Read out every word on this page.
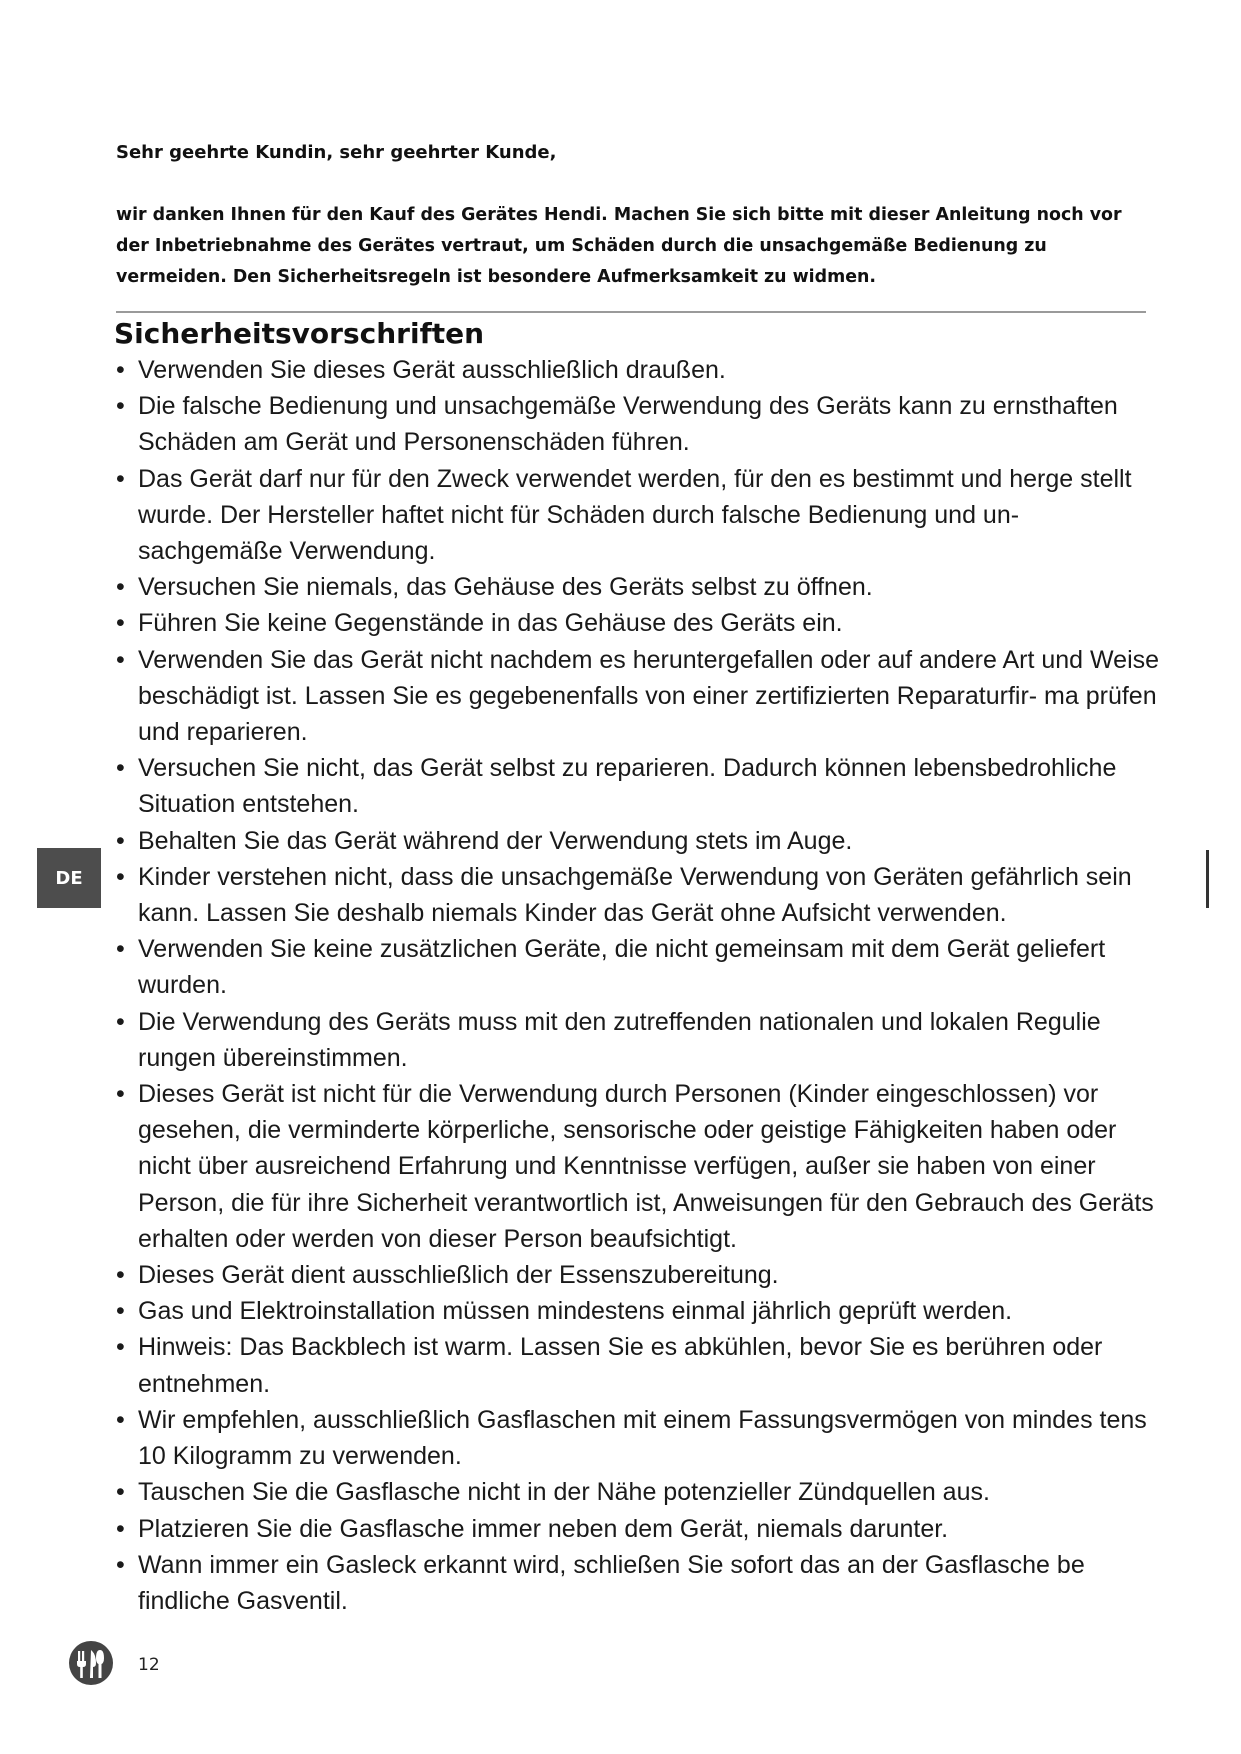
Sehr geehrte Kundin, sehr geehrter Kunde,

wir danken Ihnen für den Kauf des Gerätes Hendi. Machen Sie sich bitte mit dieser Anleitung noch vor der Inbetriebnahme des Gerätes vertraut, um Schäden durch die unsachgemäße Bedienung zu vermeiden. Den Sicherheitsregeln ist besondere Aufmerksamkeit zu widmen.

Sicherheitsvorschriften
• Verwenden Sie dieses Gerät ausschließlich draußen.
• Die falsche Bedienung und unsachgemäße Verwendung des Geräts kann zu ernsthaften Schäden am Gerät und Personenschäden führen.
• Das Gerät darf nur für den Zweck verwendet werden, für den es bestimmt und herge stellt wurde. Der Hersteller haftet nicht für Schäden durch falsche Bedienung und un- sachgemäße Verwendung.
• Versuchen Sie niemals, das Gehäuse des Geräts selbst zu öffnen.
• Führen Sie keine Gegenstände in das Gehäuse des Geräts ein.
• Verwenden Sie das Gerät nicht nachdem es heruntergefallen oder auf andere Art und Weise beschädigt ist. Lassen Sie es gegebenenfalls von einer zertifizierten Reparaturfir- ma prüfen und reparieren.
• Versuchen Sie nicht, das Gerät selbst zu reparieren. Dadurch können lebensbedrohliche Situation entstehen.
• Behalten Sie das Gerät während der Verwendung stets im Auge.
• Kinder verstehen nicht, dass die unsachgemäße Verwendung von Geräten gefährlich sein kann. Lassen Sie deshalb niemals Kinder das Gerät ohne Aufsicht verwenden.
• Verwenden Sie keine zusätzlichen Geräte, die nicht gemeinsam mit dem Gerät geliefert wurden.
• Die Verwendung des Geräts muss mit den zutreffenden nationalen und lokalen Regulie rungen übereinstimmen.
• Dieses Gerät ist nicht für die Verwendung durch Personen (Kinder eingeschlossen) vor gesehen, die verminderte körperliche, sensorische oder geistige Fähigkeiten haben oder nicht über ausreichend Erfahrung und Kenntnisse verfügen, außer sie haben von einer Person, die für ihre Sicherheit verantwortlich ist, Anweisungen für den Gebrauch des Geräts erhalten oder werden von dieser Person beaufsichtigt.
• Dieses Gerät dient ausschließlich der Essenszubereitung.
• Gas und Elektroinstallation müssen mindestens einmal jährlich geprüft werden.
• Hinweis: Das Backblech ist warm. Lassen Sie es abkühlen, bevor Sie es berühren oder entnehmen.
• Wir empfehlen, ausschließlich Gasflaschen mit einem Fassungsvermögen von mindes tens 10 Kilogramm zu verwenden.
• Tauschen Sie die Gasflasche nicht in der Nähe potenzieller Zündquellen aus.
• Platzieren Sie die Gasflasche immer neben dem Gerät, niemals darunter.
• Wann immer ein Gasleck erkannt wird, schließen Sie sofort das an der Gasflasche be findliche Gasventil.
DE
12
